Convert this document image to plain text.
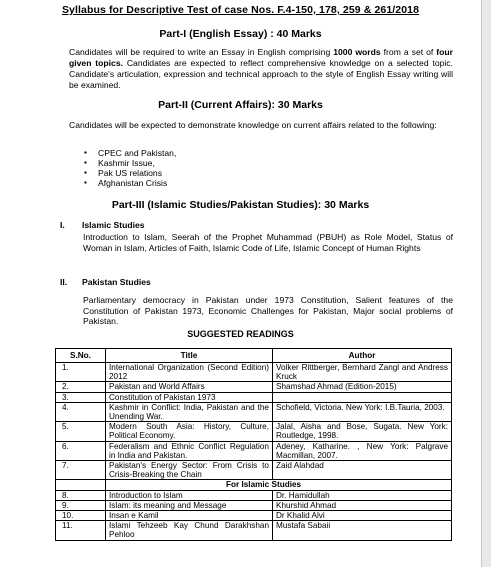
Syllabus for Descriptive Test of case Nos. F.4-150, 178, 259 & 261/2018
Part-I (English Essay) : 40 Marks

Candidates will be required to write an Essay in English comprising 1000 words from a set of four given topics. Candidates are expected to reflect comprehensive knowledge on a selected topic. Candidate's articulation, expression and technical approach to the style of English Essay writing will be examined.

Part-II (Current Affairs): 30 Marks

Candidates will be expected to demonstrate knowledge on current affairs related to the following:

▪ CPEC and Pakistan,
▪ Kashmir Issue,
▪ Pak US relations
▪ Afghanistan Crisis
Part-III (Islamic Studies/Pakistan Studies): 30 Marks
I. Islamic Studies

Introduction to Islam, Seerah of the Prophet Muhammad (PBUH) as Role Model, Status of Woman in Islam, Articles of Faith, Islamic Code of Life, Islamic Concept of Human Rights

II. Pakistan Studies

Parliamentary democracy in Pakistan under 1973 Constitution, Salient features of the Constitution of Pakistan 1973, Economic Challenges for Pakistan, Major social problems of Pakistan.

SUGGESTED READINGS
S.No.	Title	Author
1.	International Organization (Second Edition) 2012	Volker Rittberger, Bernhard Zangl and Andress Kruck
2.	Pakistan and World Affairs	Shamshad Ahmad (Edition-2015)
3.	Constitution of Pakistan 1973	
4.	Kashmir in Conflict: India, Pakistan and the Unending War.	Schofield, Victoria. New York: I.B.Tauria, 2003.
5.	Modern South Asia: History, Culture, Political Economy.	Jalal, Aisha and Bose, Sugata. New York: Routledge, 1998.
6.	Federalism and Ethnic Conflict Regulation in India and Pakistan.	Adeney, Katharine. , New York: Palgrave Macmillan, 2007.
7.	Pakistan's Energy Sector: From Crisis to Crisis-Breaking the Chain	Zaid Alahdad
	For Islamic Studies	
8.	Introduction to Islam	Dr. Hamidullah
9.	Islam: its meaning and Message	Khurshid Ahmad
10.	Insan e Kamil	Dr Khalid Alvi
11.	Islami Tehzeeb Kay Chund Darakhshan Pehloo	Mustafa Sabaii
